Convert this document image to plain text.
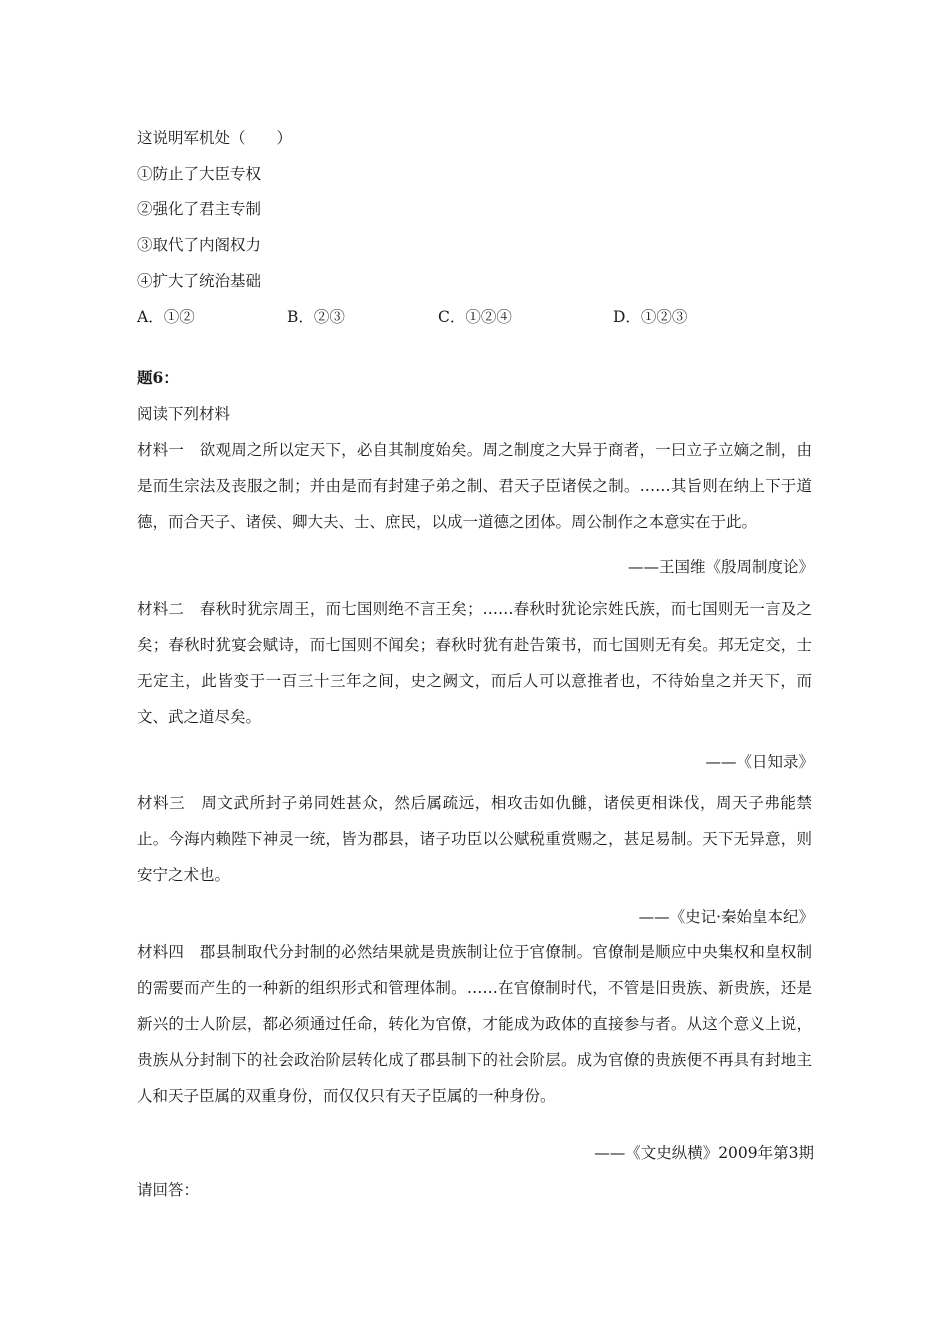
这说明军机处（　　）
①防止了大臣专权
②强化了君主专制
③取代了内阁权力
④扩大了统治基础
A．①②	B．②③	C．①②④	D．①②③
题6：
阅读下列材料
材料一　欲观周之所以定天下，必自其制度始矣。周之制度之大异于商者，一曰立子立嫡之制，由是而生宗法及丧服之制；并由是而有封建子弟之制、君天子臣诸侯之制。……其旨则在纳上下于道德，而合天子、诸侯、卿大夫、士、庶民，以成一道德之团体。周公制作之本意实在于此。
——王国维《殷周制度论》
材料二　春秋时犹宗周王，而七国则绝不言王矣；……春秋时犹论宗姓氏族，而七国则无一言及之矣；春秋时犹宴会赋诗，而七国则不闻矣；春秋时犹有赴告策书，而七国则无有矣。邦无定交，士无定主，此皆变于一百三十三年之间，史之阙文，而后人可以意推者也，不待始皇之并天下，而文、武之道尽矣。
——《日知录》
材料三　周文武所封子弟同姓甚众，然后属疏远，相攻击如仇雠，诸侯更相诛伐，周天子弗能禁止。今海内赖陛下神灵一统，皆为郡县，诸子功臣以公赋税重赏赐之，甚足易制。天下无异意，则安宁之术也。
——《史记·秦始皇本纪》
材料四　郡县制取代分封制的必然结果就是贵族制让位于官僚制。官僚制是顺应中央集权和皇权制的需要而产生的一种新的组织形式和管理体制。……在官僚制时代，不管是旧贵族、新贵族，还是新兴的士人阶层，都必须通过任命，转化为官僚，才能成为政体的直接参与者。从这个意义上说，贵族从分封制下的社会政治阶层转化成了郡县制下的社会阶层。成为官僚的贵族便不再具有封地主人和天子臣属的双重身份，而仅仅只有天子臣属的一种身份。
——《文史纵横》2009年第3期
请回答：
